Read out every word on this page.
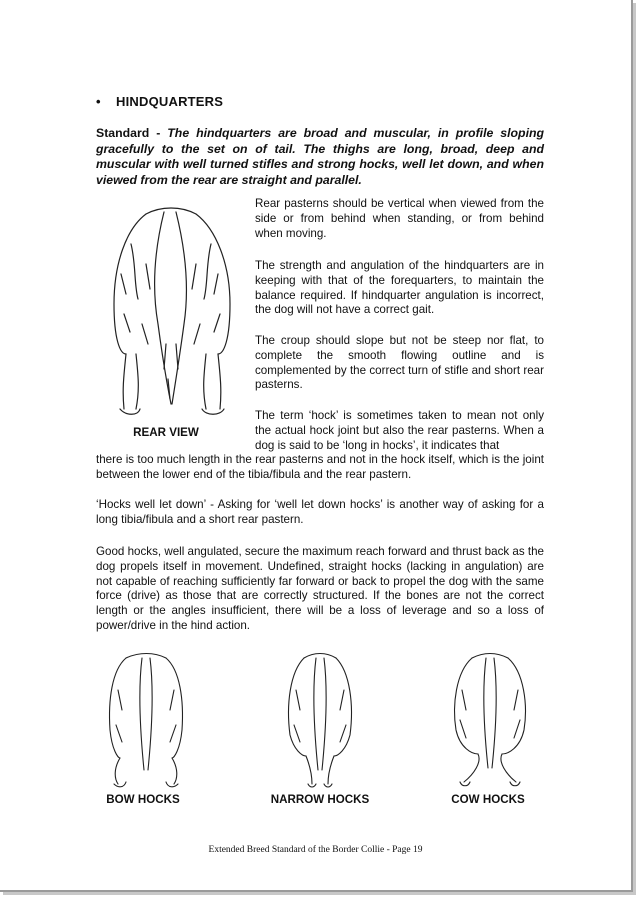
• HINDQUARTERS
Standard - The hindquarters are broad and muscular, in profile sloping gracefully to the set on of tail. The thighs are long, broad, deep and muscular with well turned stifles and strong hocks, well let down, and when viewed from the rear are straight and parallel.
REAR VIEW
Rear pasterns should be vertical when viewed from the side or from behind when standing, or from behind when moving.
The strength and angulation of the hindquarters are in keeping with that of the forequarters, to maintain the balance required. If hindquarter angulation is incorrect, the dog will not have a correct gait.
The croup should slope but not be steep nor flat, to complete the smooth flowing outline and is complemented by the correct turn of stifle and short rear pasterns.
The term ‘hock’ is sometimes taken to mean not only the actual hock joint but also the rear pasterns. When a dog is said to be ‘long in hocks’, it indicates that
there is too much length in the rear pasterns and not in the hock itself, which is the joint between the lower end of the tibia/fibula and the rear pastern.
‘Hocks well let down’ - Asking for ‘well let down hocks’ is another way of asking for a long tibia/fibula and a short rear pastern.
Good hocks, well angulated, secure the maximum reach forward and thrust back as the dog propels itself in movement. Undefined, straight hocks (lacking in angulation) are not capable of reaching sufficiently far forward or back to propel the dog with the same force (drive) as those that are correctly structured. If the bones are not the correct length or the angles insufficient, there will be a loss of leverage and so a loss of power/drive in the hind action.
BOW HOCKS	NARROW HOCKS	COW HOCKS
Extended Breed Standard of the Border Collie - Page 19
